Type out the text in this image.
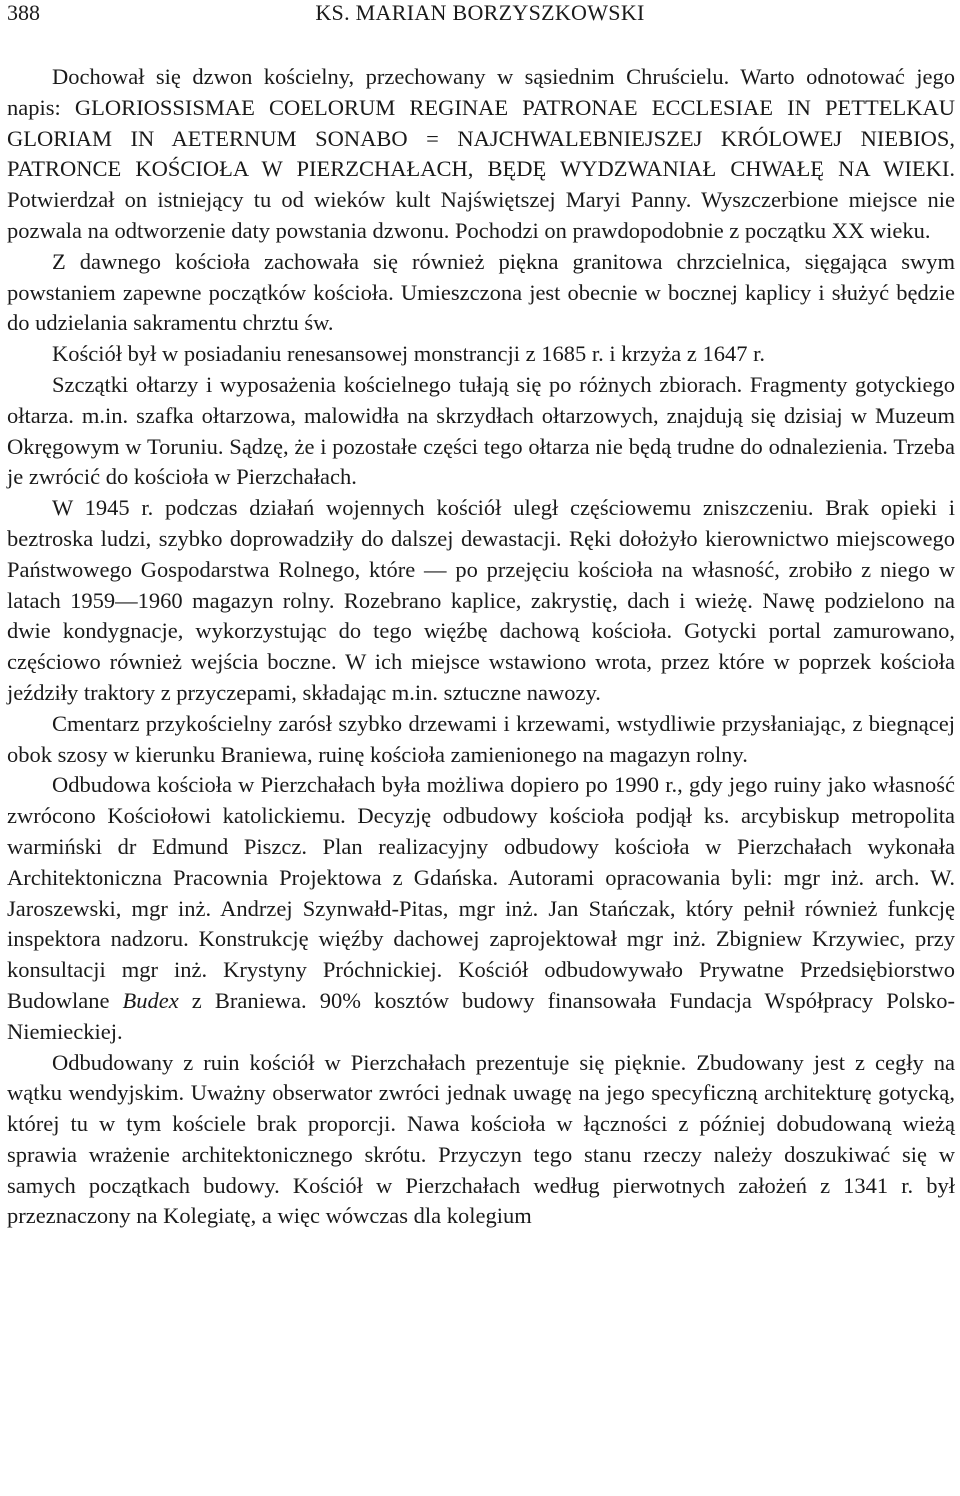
388	KS. MARIAN BORZYSZKOWSKI

Dochował się dzwon kościelny, przechowany w sąsiednim Chruścielu. Warto odnotować jego napis: GLORIOSSISMAE COELORUM REGINAE PATRONAE ECCLESIAE IN PETTELKAU GLORIAM IN AETERNUM SONABO = NAJCHWALEBNIEJSZEJ KRÓLOWEJ NIEBIOS, PATRONCE KOŚCIOŁA W PIERZCHAŁACH, BĘDĘ WYDZWANIAŁ CHWAŁĘ NA WIEKI. Potwierdzał on istniejący tu od wieków kult Najświętszej Maryi Panny. Wyszczerbione miejsce nie pozwala na odtworzenie daty powstania dzwonu. Pochodzi on prawdopodobnie z początku XX wieku.

Z dawnego kościoła zachowała się również piękna granitowa chrzcielnica, sięgająca swym powstaniem zapewne początków kościoła. Umieszczona jest obecnie w bocznej kaplicy i służyć będzie do udzielania sakramentu chrztu św.

Kościół był w posiadaniu renesansowej monstrancji z 1685 r. i krzyża z 1647 r.

Szczątki ołtarzy i wyposażenia kościelnego tułają się po różnych zbiorach. Fragmenty gotyckiego ołtarza. m.in. szafka ołtarzowa, malowidła na skrzydłach ołtarzowych, znajdują się dzisiaj w Muzeum Okręgowym w Toruniu. Sądzę, że i pozostałe części tego ołtarza nie będą trudne do odnalezienia. Trzeba je zwrócić do kościoła w Pierzchałach.

W 1945 r. podczas działań wojennych kościół uległ częściowemu zniszczeniu. Brak opieki i beztroska ludzi, szybko doprowadziły do dalszej dewastacji. Ręki dołożyło kierownictwo miejscowego Państwowego Gospodarstwa Rolnego, które — po przejęciu kościoła na własność, zrobiło z niego w latach 1959—1960 magazyn rolny. Rozebrano kaplice, zakrystię, dach i wieżę. Nawę podzielono na dwie kondygnacje, wykorzystując do tego więźbę dachową kościoła. Gotycki portal zamurowano, częściowo również wejścia boczne. W ich miejsce wstawiono wrota, przez które w poprzek kościoła jeździły traktory z przyczepami, składając m.in. sztuczne nawozy.

Cmentarz przykościelny zarósł szybko drzewami i krzewami, wstydliwie przysłaniając, z biegnącej obok szosy w kierunku Braniewa, ruinę kościoła zamienionego na magazyn rolny.

Odbudowa kościoła w Pierzchałach była możliwa dopiero po 1990 r., gdy jego ruiny jako własność zwrócono Kościołowi katolickiemu. Decyzję odbudowy kościoła podjął ks. arcybiskup metropolita warmiński dr Edmund Piszcz. Plan realizacyjny odbudowy kościoła w Pierzchałach wykonała Architektoniczna Pracownia Projektowa z Gdańska. Autorami opracowania byli: mgr inż. arch. W. Jaroszewski, mgr inż. Andrzej Szynwałd-Pitas, mgr inż. Jan Stańczak, który pełnił również funkcję inspektora nadzoru. Konstrukcję więźby dachowej zaprojektował mgr inż. Zbigniew Krzywiec, przy konsultacji mgr inż. Krystyny Próchnickiej. Kościół odbudowywało Prywatne Przedsiębiorstwo Budowlane Budex z Braniewa. 90% kosztów budowy finansowała Fundacja Współpracy Polsko-Niemieckiej.

Odbudowany z ruin kościół w Pierzchałach prezentuje się pięknie. Zbudowany jest z cegły na wątku wendyjskim. Uważny obserwator zwróci jednak uwagę na jego specyficzną architekturę gotycką, której tu w tym kościele brak proporcji. Nawa kościoła w łączności z później dobudowaną wieżą sprawia wrażenie architektonicznego skrótu. Przyczyn tego stanu rzeczy należy doszukiwać się w samych początkach budowy. Kościół w Pierzchałach według pierwotnych założeń z 1341 r. był przeznaczony na Kolegiatę, a więc wówczas dla kolegium
